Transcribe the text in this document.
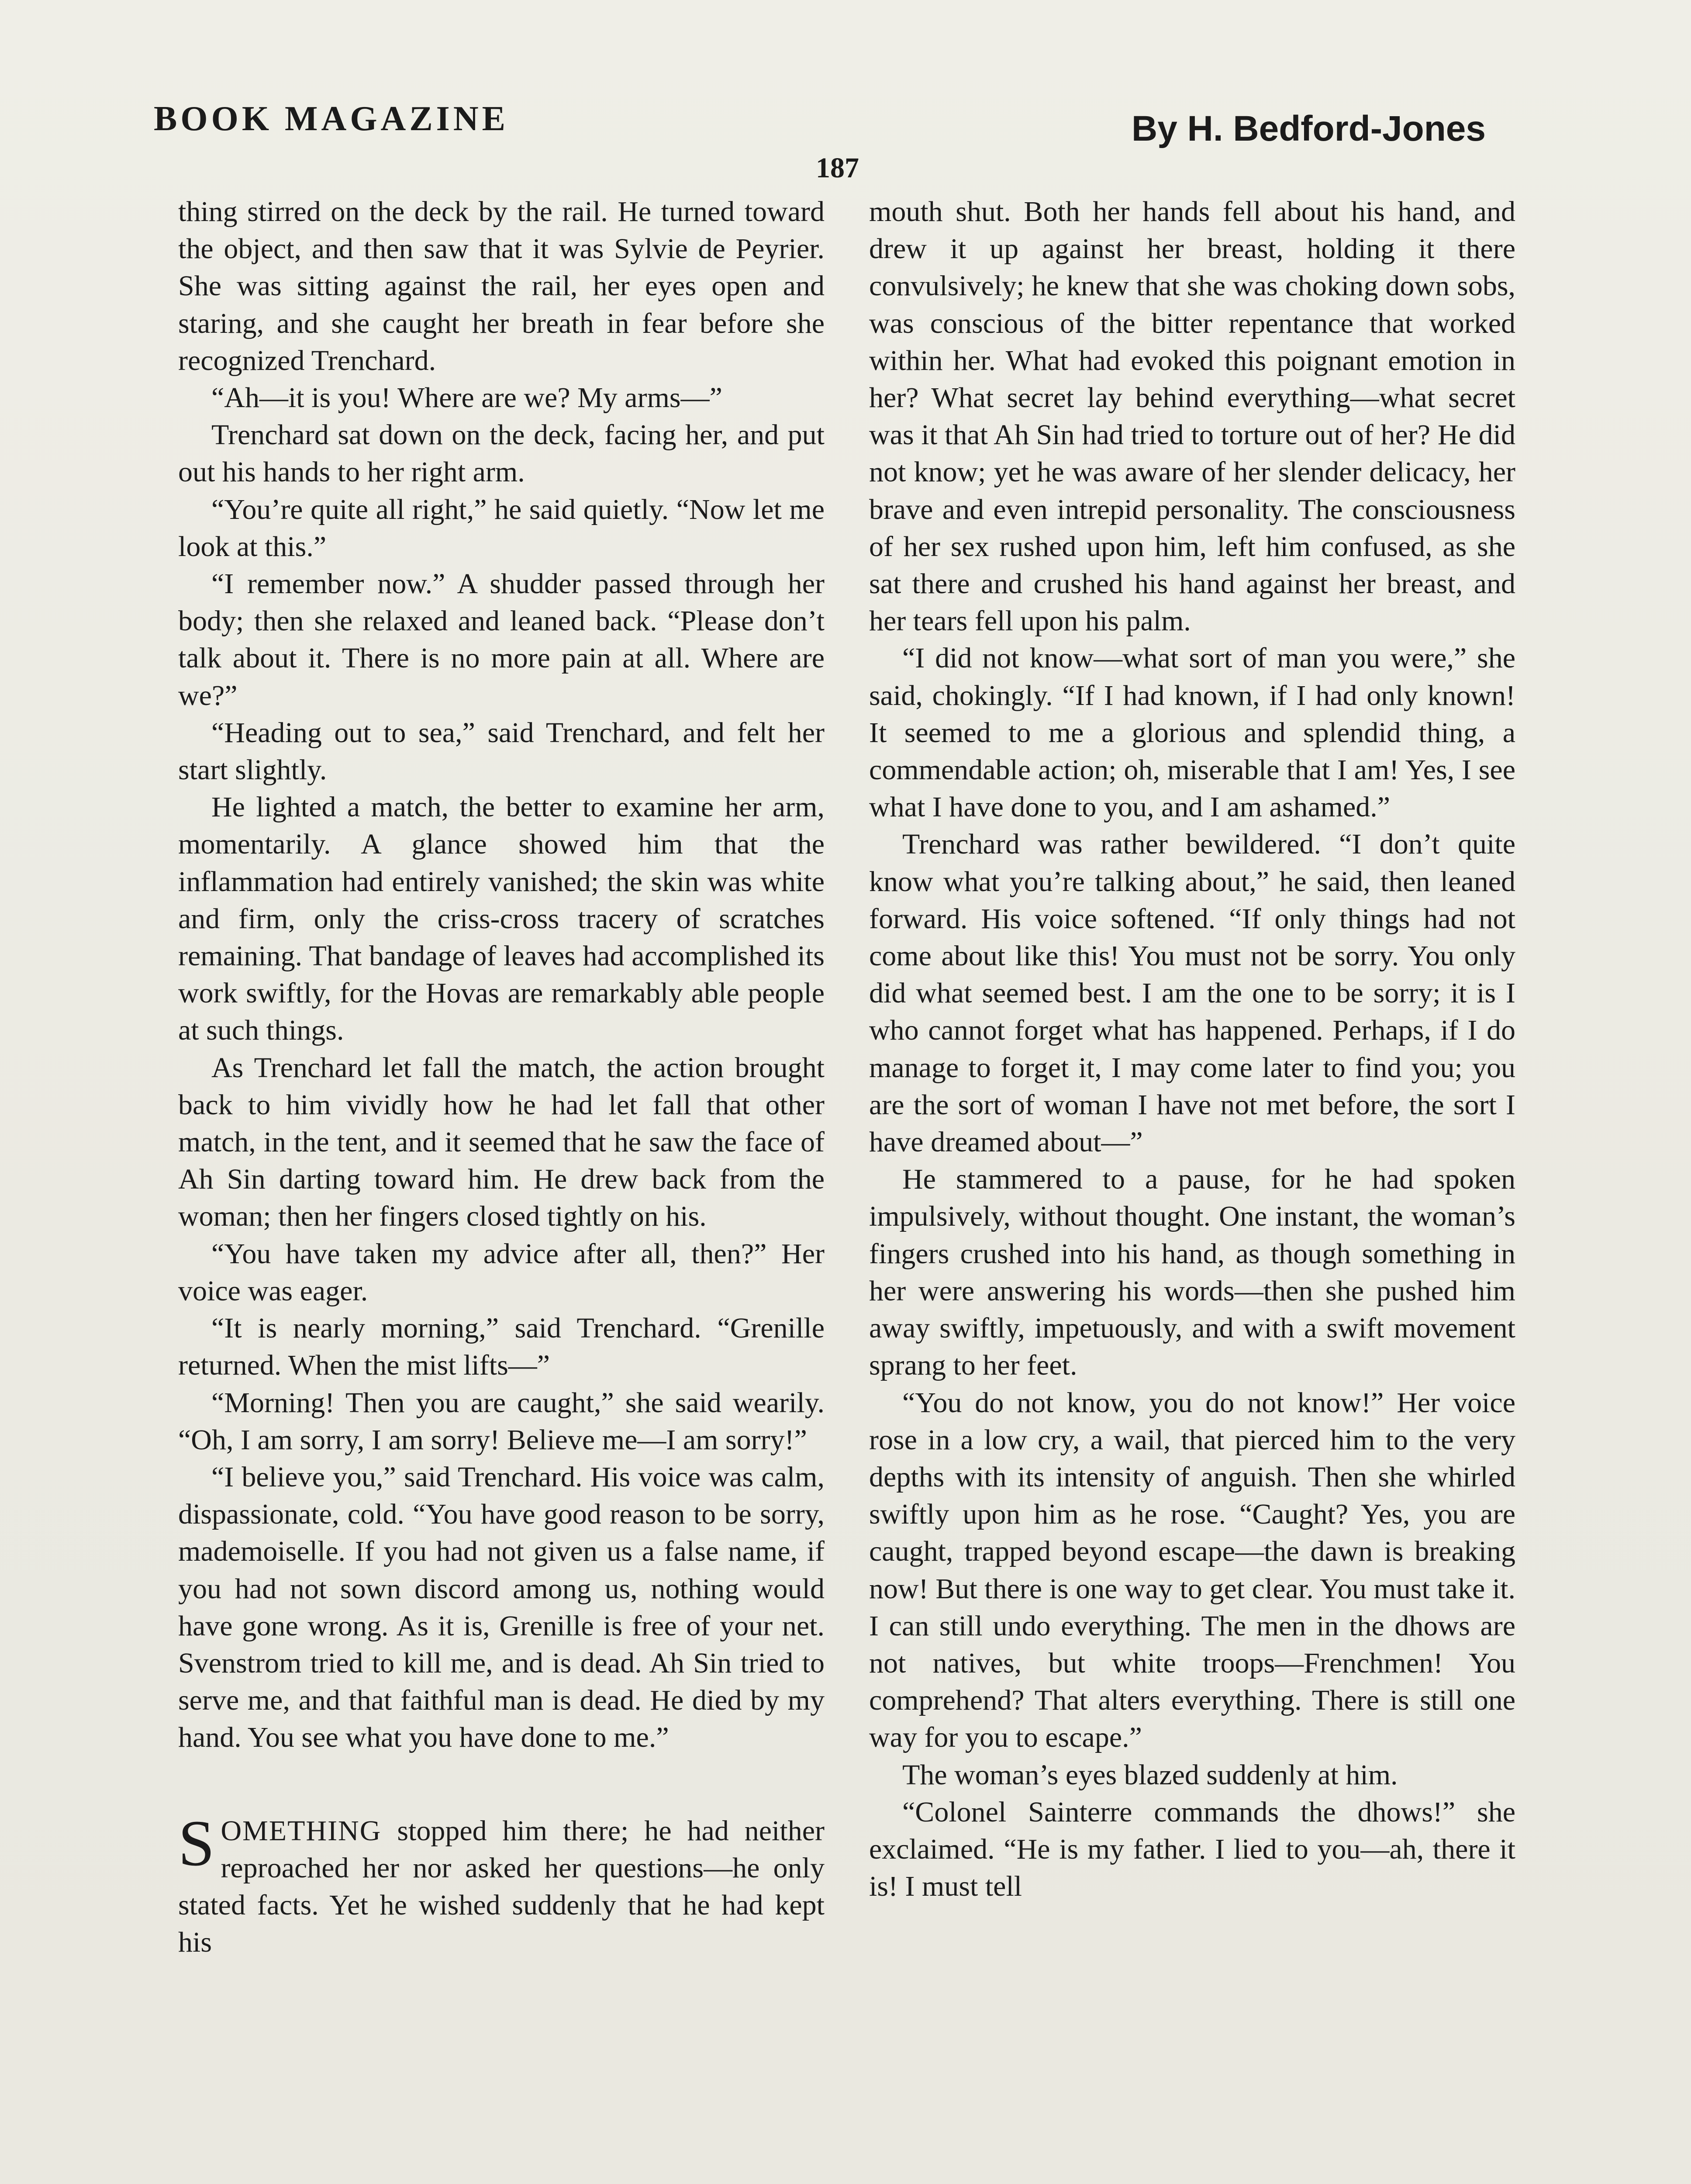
BOOK MAGAZINE	By H. Bedford-Jones
187

thing stirred on the deck by the rail. He turned toward the object, and then saw that it was Sylvie de Peyrier. She was sitting against the rail, her eyes open and staring, and she caught her breath in fear before she recognized Trenchard.

“Ah—it is you! Where are we? My arms—”

Trenchard sat down on the deck, facing her, and put out his hands to her right arm.

“You’re quite all right,” he said quietly. “Now let me look at this.”

“I remember now.” A shudder passed through her body; then she relaxed and leaned back. “Please don’t talk about it. There is no more pain at all. Where are we?”

“Heading out to sea,” said Trenchard, and felt her start slightly.

He lighted a match, the better to examine her arm, momentarily. A glance showed him that the inflammation had entirely vanished; the skin was white and firm, only the criss-cross tracery of scratches remaining. That bandage of leaves had accomplished its work swiftly, for the Hovas are remarkably able people at such things.

As Trenchard let fall the match, the action brought back to him vividly how he had let fall that other match, in the tent, and it seemed that he saw the face of Ah Sin darting toward him. He drew back from the woman; then her fingers closed tightly on his.

“You have taken my advice after all, then?” Her voice was eager.

“It is nearly morning,” said Trenchard. “Grenille returned. When the mist lifts—”

“Morning! Then you are caught,” she said wearily. “Oh, I am sorry, I am sorry! Believe me—I am sorry!”

“I believe you,” said Trenchard. His voice was calm, dispassionate, cold. “You have good reason to be sorry, mademoiselle. If you had not given us a false name, if you had not sown discord among us, nothing would have gone wrong. As it is, Grenille is free of your net. Svenstrom tried to kill me, and is dead. Ah Sin tried to serve me, and that faithful man is dead. He died by my hand. You see what you have done to me.”

SOMETHING stopped him there; he had neither reproached her nor asked her questions—he only stated facts. Yet he wished suddenly that he had kept his

mouth shut. Both her hands fell about his hand, and drew it up against her breast, holding it there convulsively; he knew that she was choking down sobs, was conscious of the bitter repentance that worked within her. What had evoked this poignant emotion in her? What secret lay behind everything—what secret was it that Ah Sin had tried to torture out of her? He did not know; yet he was aware of her slender delicacy, her brave and even intrepid personality. The consciousness of her sex rushed upon him, left him confused, as she sat there and crushed his hand against her breast, and her tears fell upon his palm.

“I did not know—what sort of man you were,” she said, chokingly. “If I had known, if I had only known! It seemed to me a glorious and splendid thing, a commendable action; oh, miserable that I am! Yes, I see what I have done to you, and I am ashamed.”

Trenchard was rather bewildered. “I don’t quite know what you’re talking about,” he said, then leaned forward. His voice softened. “If only things had not come about like this! You must not be sorry. You only did what seemed best. I am the one to be sorry; it is I who cannot forget what has happened. Perhaps, if I do manage to forget it, I may come later to find you; you are the sort of woman I have not met before, the sort I have dreamed about—”

He stammered to a pause, for he had spoken impulsively, without thought. One instant, the woman’s fingers crushed into his hand, as though something in her were answering his words—then she pushed him away swiftly, impetuously, and with a swift movement sprang to her feet.

“You do not know, you do not know!” Her voice rose in a low cry, a wail, that pierced him to the very depths with its intensity of anguish. Then she whirled swiftly upon him as he rose. “Caught? Yes, you are caught, trapped beyond escape—the dawn is breaking now! But there is one way to get clear. You must take it. I can still undo everything. The men in the dhows are not natives, but white troops—Frenchmen! You comprehend? That alters everything. There is still one way for you to escape.”

The woman’s eyes blazed suddenly at him.

“Colonel Sainterre commands the dhows!” she exclaimed. “He is my father. I lied to you—ah, there it is! I must tell
